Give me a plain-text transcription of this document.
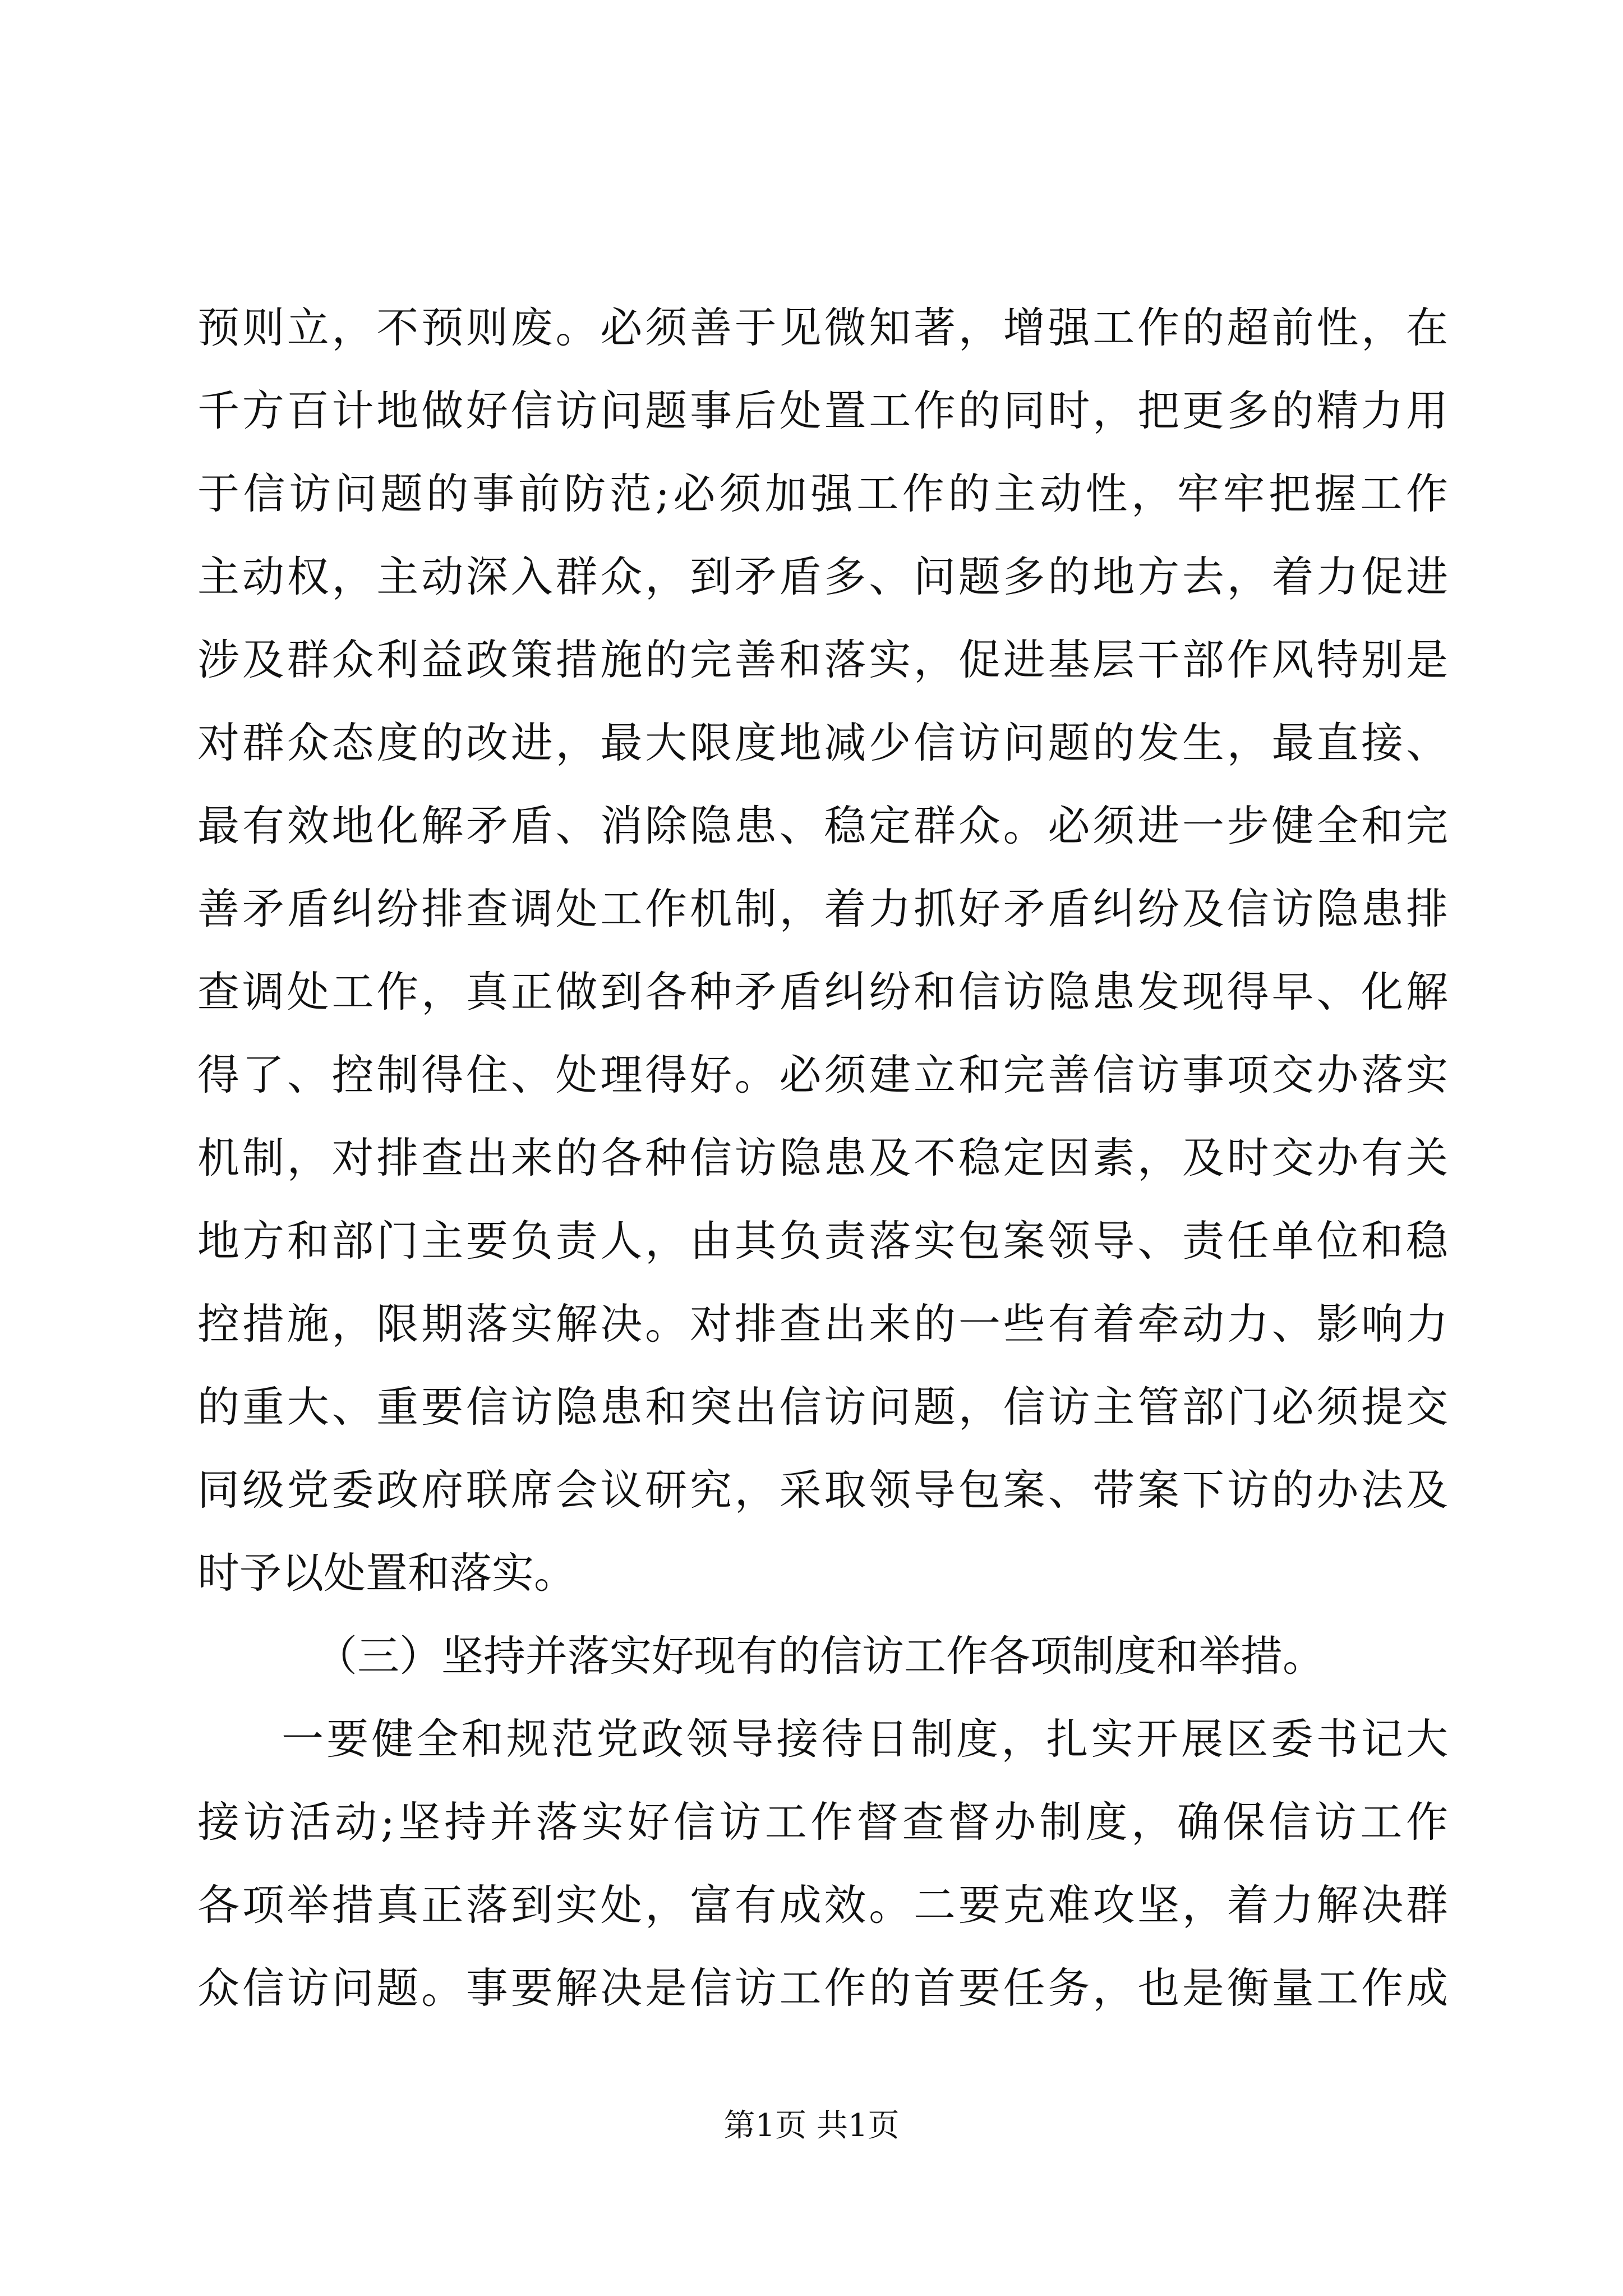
预则立，不预则废。必须善于见微知著，增强工作的超前性，在
千方百计地做好信访问题事后处置工作的同时，把更多的精力用
于信访问题的事前防范;必须加强工作的主动性，牢牢把握工作
主动权，主动深入群众，到矛盾多、问题多的地方去，着力促进
涉及群众利益政策措施的完善和落实，促进基层干部作风特别是
对群众态度的改进，最大限度地减少信访问题的发生，最直接、
最有效地化解矛盾、消除隐患、稳定群众。必须进一步健全和完
善矛盾纠纷排查调处工作机制，着力抓好矛盾纠纷及信访隐患排
查调处工作，真正做到各种矛盾纠纷和信访隐患发现得早、化解
得了、控制得住、处理得好。必须建立和完善信访事项交办落实
机制，对排查出来的各种信访隐患及不稳定因素，及时交办有关
地方和部门主要负责人，由其负责落实包案领导、责任单位和稳
控措施，限期落实解决。对排查出来的一些有着牵动力、影响力
的重大、重要信访隐患和突出信访问题，信访主管部门必须提交
同级党委政府联席会议研究，采取领导包案、带案下访的办法及
时予以处置和落实。
（三）坚持并落实好现有的信访工作各项制度和举措。
一要健全和规范党政领导接待日制度，扎实开展区委书记大
接访活动;坚持并落实好信访工作督查督办制度，确保信访工作
各项举措真正落到实处，富有成效。二要克难攻坚，着力解决群
众信访问题。事要解决是信访工作的首要任务，也是衡量工作成
第1页 共1页
